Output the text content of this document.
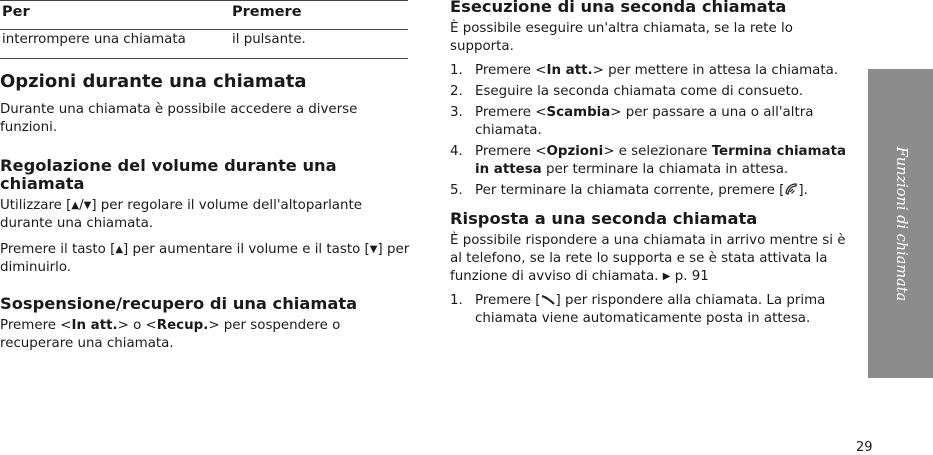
Per	Premere
interrompere una chiamata	il pulsante.
Opzioni durante una chiamata

Durante una chiamata è possibile accedere a diverse funzioni.

Regolazione del volume durante una chiamata

Utilizzare [▲/▼] per regolare il volume dell'altoparlante durante una chiamata.

Premere il tasto [▲] per aumentare il volume e il tasto [▼] per diminuirlo.

Sospensione/recupero di una chiamata

Premere <In att.> o <Recup.> per sospendere o recuperare una chiamata.

Esecuzione di una seconda chiamata

È possibile eseguire un'altra chiamata, se la rete lo supporta.

1. Premere <In att.> per mettere in attesa la chiamata.
2. Eseguire la seconda chiamata come di consueto.
3. Premere <Scambia> per passare a una o all'altra chiamata.
4. Premere <Opzioni> e selezionare Termina chiamata in attesa per terminare la chiamata in attesa.
5. Per terminare la chiamata corrente, premere [ ].
Risposta a una seconda chiamata

È possibile rispondere a una chiamata in arrivo mentre si è al telefono, se la rete lo supporta e se è stata attivata la funzione di avviso di chiamata. ▶ p. 91

1. Premere [ ] per rispondere alla chiamata. La prima chiamata viene automaticamente posta in attesa.
Funzioni di chiamata
29
